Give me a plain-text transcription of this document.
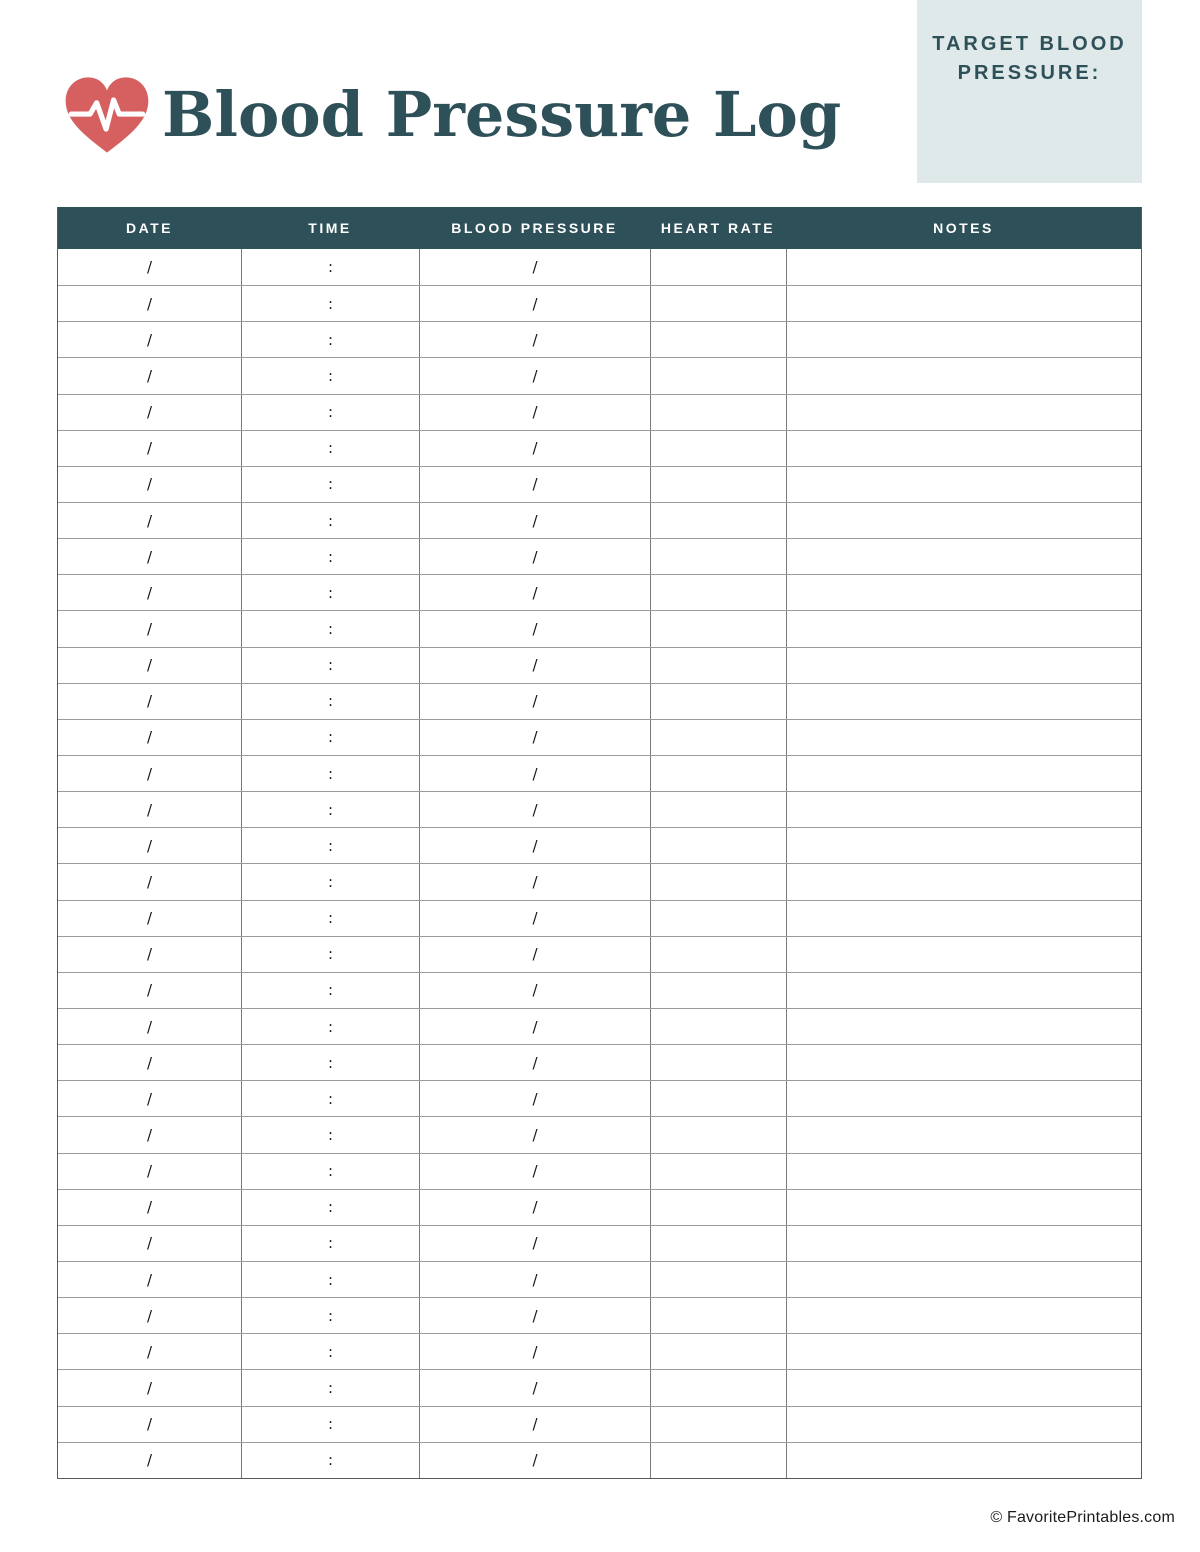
Blood Pressure Log
TARGET BLOOD PRESSURE:
DATE	TIME	BLOOD PRESSURE	HEART RATE	NOTES
/	:	/
/	:	/
/	:	/
/	:	/
/	:	/
/	:	/
/	:	/
/	:	/
/	:	/
/	:	/
/	:	/
/	:	/
/	:	/
/	:	/
/	:	/
/	:	/
/	:	/
/	:	/
/	:	/
/	:	/
/	:	/
/	:	/
/	:	/
/	:	/
/	:	/
/	:	/
/	:	/
/	:	/
/	:	/
/	:	/
/	:	/
/	:	/
/	:	/
/	:	/
© FavoritePrintables.com
